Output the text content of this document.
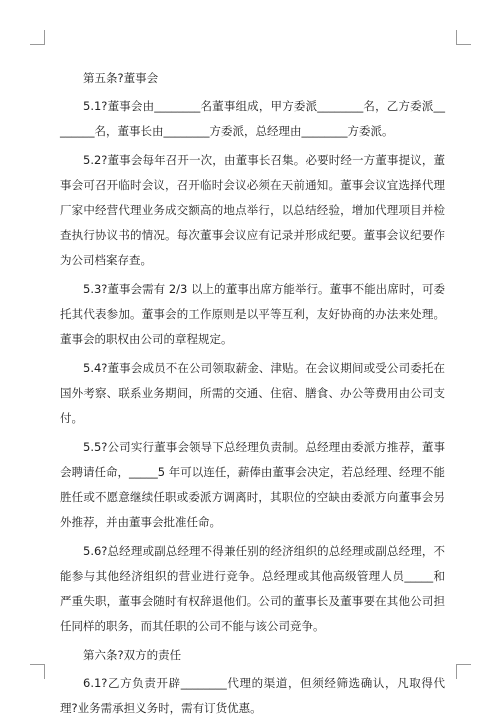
第五条?董事会

5.1?董事会由________名董事组成，甲方委派________名，乙方委派________名，董事长由________方委派，总经理由________方委派。

5.2?董事会每年召开一次，由董事长召集。必要时经一方董事提议，董事会可召开临时会议，召开临时会议必须在天前通知。董事会议宜选择代理厂家中经营代理业务成交额高的地点举行，以总结经验，增加代理项目并检查执行协议书的情况。每次董事会议应有记录并形成纪要。董事会议纪要作为公司档案存查。

5.3?董事会需有 2/3 以上的董事出席方能举行。董事不能出席时，可委托其代表参加。董事会的工作原则是以平等互利，友好协商的办法来处理。董事会的职权由公司的章程规定。

5.4?董事会成员不在公司领取薪金、津贴。在会议期间或受公司委托在国外考察、联系业务期间，所需的交通、住宿、膳食、办公等费用由公司支付。

5.5?公司实行董事会领导下总经理负责制。总经理由委派方推荐，董事会聘请任命，_____5 年可以连任，薪俸由董事会决定，若总经理、经理不能胜任或不愿意继续任职或委派方调离时，其职位的空缺由委派方向董事会另外推荐，并由董事会批准任命。

5.6?总经理或副总经理不得兼任别的经济组织的总经理或副总经理，不能参与其他经济组织的营业进行竞争。总经理或其他高级管理人员_____和严重失职，董事会随时有权辞退他们。公司的董事长及董事要在其他公司担任同样的职务，而其任职的公司不能与该公司竞争。

第六条?双方的责任

6.1?乙方负责开辟________代理的渠道，但须经筛选确认，凡取得代理?业务需承担义务时，需有订货优惠。
